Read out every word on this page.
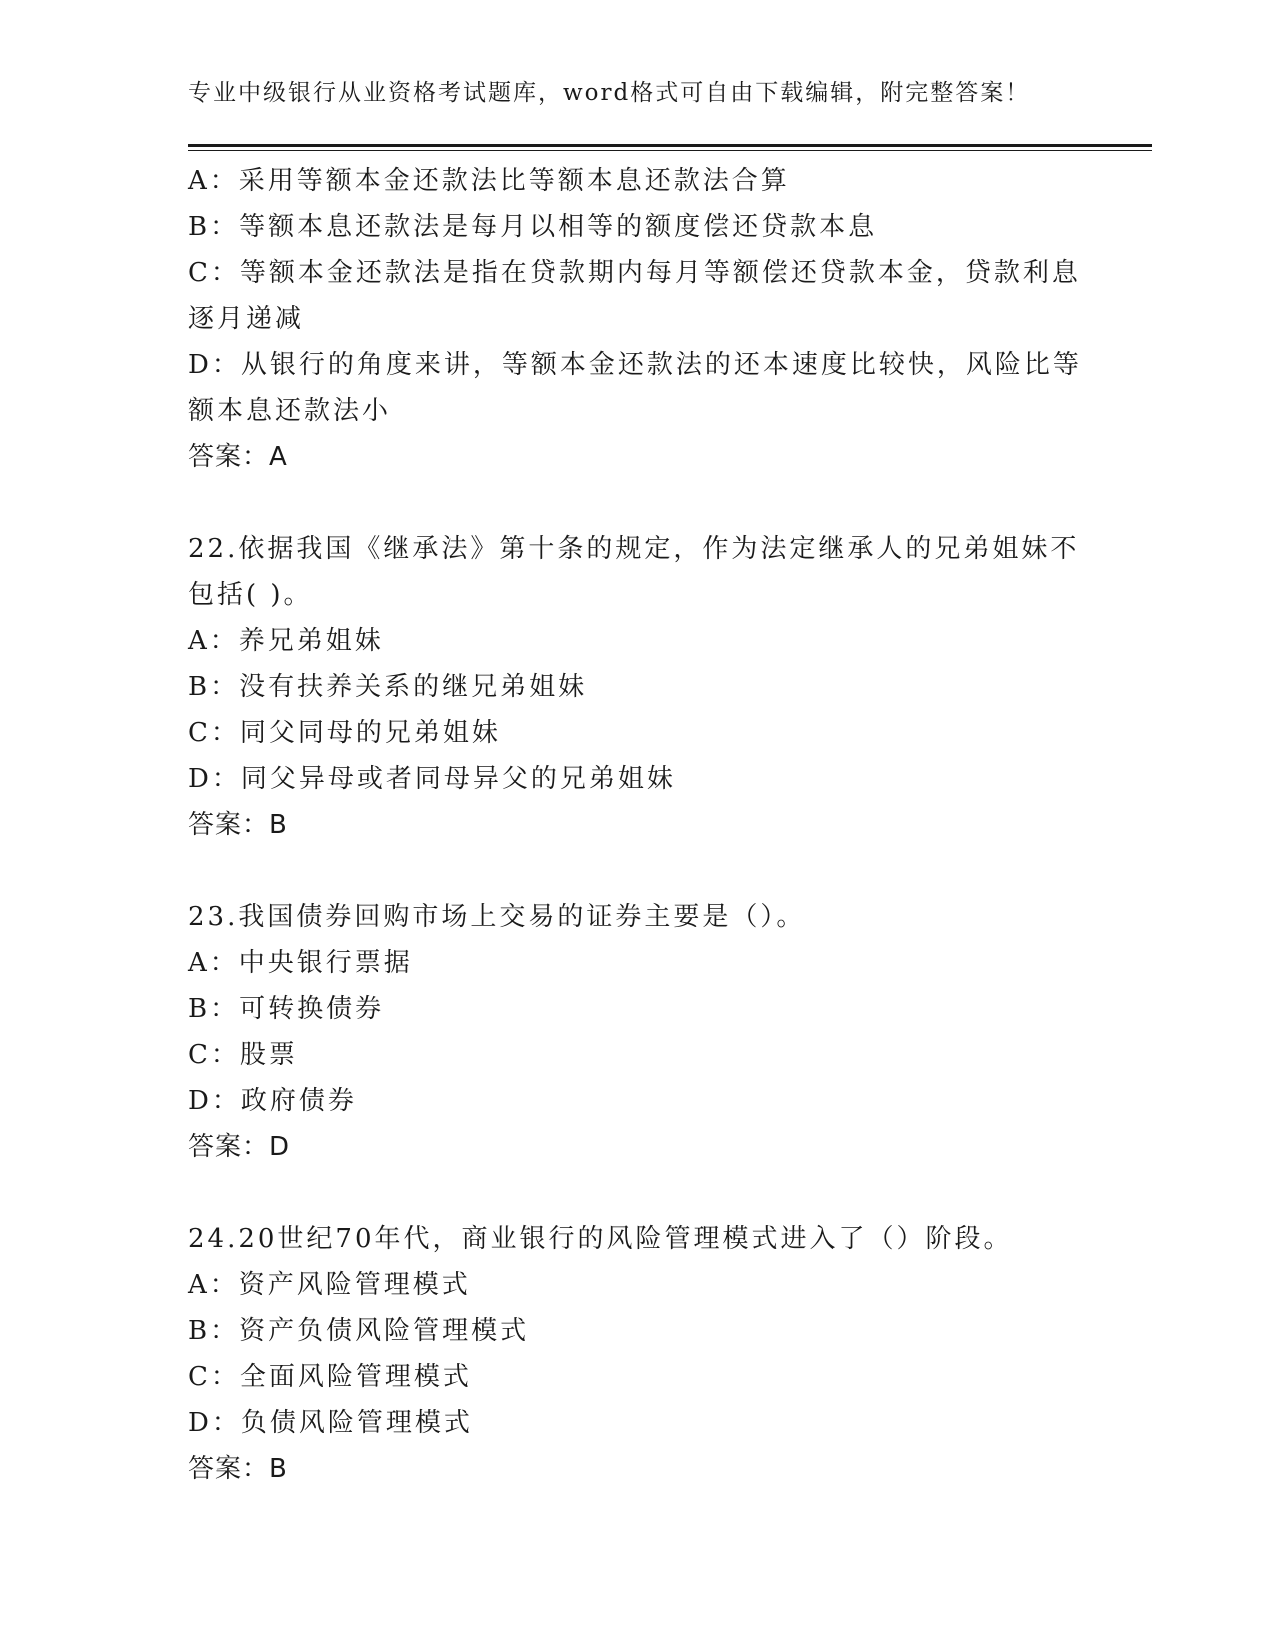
专业中级银行从业资格考试题库，word格式可自由下载编辑，附完整答案！
A：采用等额本金还款法比等额本息还款法合算
B：等额本息还款法是每月以相等的额度偿还贷款本息
C：等额本金还款法是指在贷款期内每月等额偿还贷款本金，贷款利息
逐月递减
D：从银行的角度来讲，等额本金还款法的还本速度比较快，风险比等
额本息还款法小
答案：A
22.依据我国《继承法》第十条的规定，作为法定继承人的兄弟姐妹不
包括( )。
A：养兄弟姐妹
B：没有扶养关系的继兄弟姐妹
C：同父同母的兄弟姐妹
D：同父异母或者同母异父的兄弟姐妹
答案：B
23.我国债券回购市场上交易的证券主要是（）。
A：中央银行票据
B：可转换债券
C：股票
D：政府债券
答案：D
24.20世纪70年代，商业银行的风险管理模式进入了（）阶段。
A：资产风险管理模式
B：资产负债风险管理模式
C：全面风险管理模式
D：负债风险管理模式
答案：B
